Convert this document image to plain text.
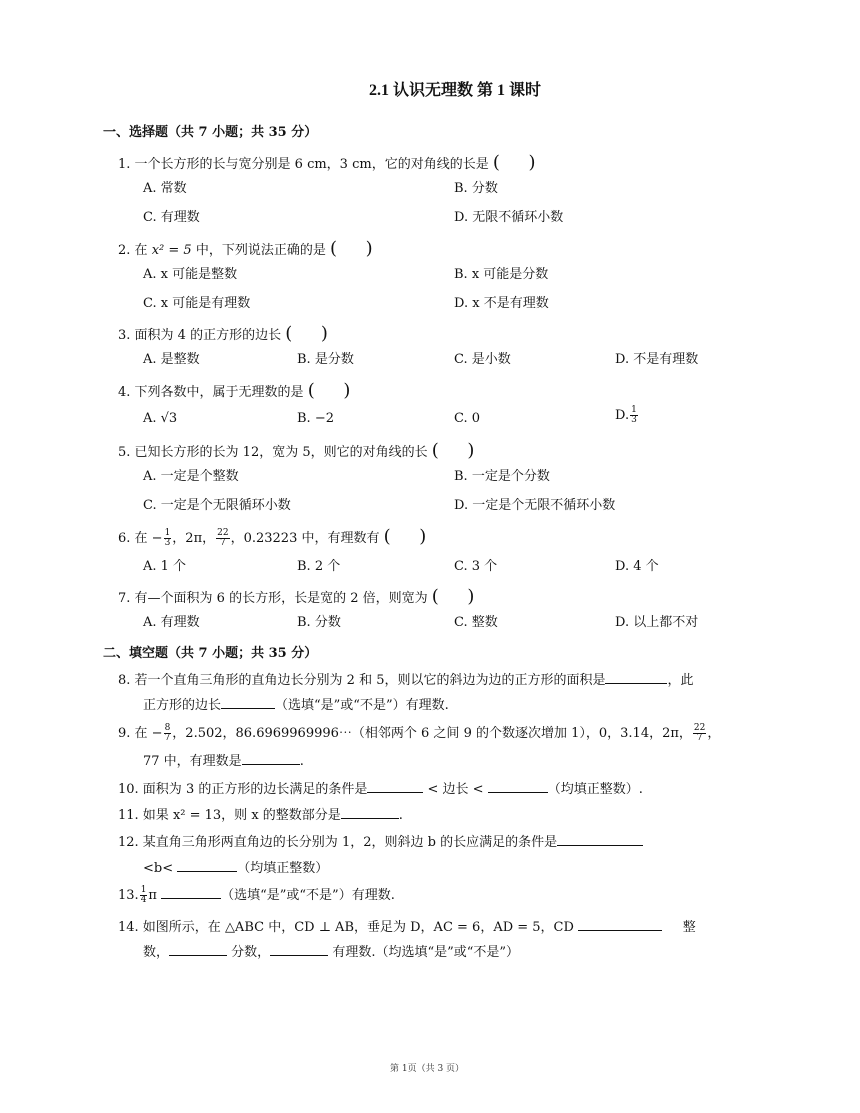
2.1 认识无理数 第 1 课时
一、选择题（共 7 小题；共 35 分）
1. 一个长方形的长与宽分别是 6 cm，3 cm，它的对角线的长是 (     )
A. 常数	B. 分数
C. 有理数	D. 无限不循环小数
2. 在 x² = 5 中，下列说法正确的是 (     )
A. x 可能是整数	B. x 可能是分数
C. x 可能是有理数	D. x 不是有理数
3. 面积为 4 的正方形的边长 (     )
A. 是整数	B. 是分数	C. 是小数	D. 不是有理数
4. 下列各数中，属于无理数的是 (     )
A. √3	B. −2	C. 0	D. $\frac{1}{3}$
5. 已知长方形的长为 12，宽为 5，则它的对角线的长 (     )
A. 一定是个整数	B. 一定是个分数
C. 一定是个无限循环小数	D. 一定是个无限不循环小数
6. 在 − $\frac{1}{3}$ ，2π， $\frac{22}{7}$ ，0.23223 中，有理数有 (     )
A. 1 个	B. 2 个	C. 3 个	D. 4 个
7. 有—个面积为 6 的长方形，长是宽的 2 倍，则宽为 (     )
A. 有理数	B. 分数	C. 整数	D. 以上都不对
二、填空题（共 7 小题；共 35 分）
8. 若一个直角三角形的直角边长分别为 2 和 5，则以它的斜边为边的正方形的面积是	，此
正方形的边长	（选填“是”或“不是”）有理数.
9. 在 − $\frac{8}{7}$ ，2.502，86.6969969996⋯（相邻两个 6 之间 9 的个数逐次增加 1），0，3.14，2π， $\frac{22}{7}$ ，
77 中，有理数是	.
10. 面积为 3 的正方形的边长满足的条件是	< 边长 <	（均填正整数）.
11. 如果 x² = 13，则 x 的整数部分是	.
12. 某直角三角形两直角边的长分别为 1，2，则斜边 b 的长应满足的条件是
<b<	（均填正整数）
13. $\frac{1}{4}$ π	（选填“是”或“不是”）有理数.
14. 如图所示，在 △ABC 中，CD ⊥ AB，垂足为 D，AC = 6，AD = 5，CD	整
数，	分数，	有理数.（均选填“是”或“不是”）
第 1页（共 3 页）
